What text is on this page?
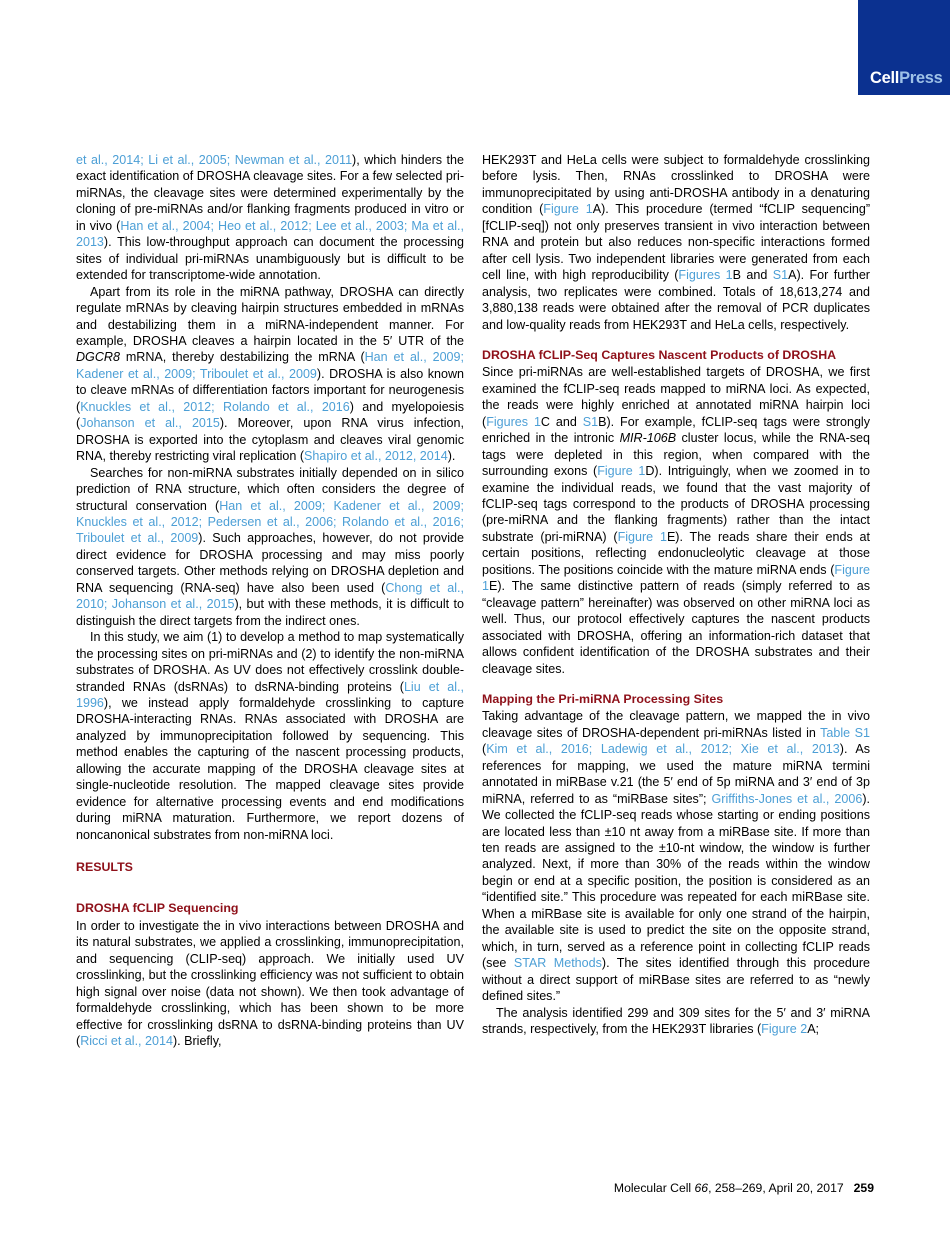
CellPress

et al., 2014; Li et al., 2005; Newman et al., 2011), which hinders the exact identification of DROSHA cleavage sites. For a few selected pri-miRNAs, the cleavage sites were determined experimentally by the cloning of pre-miRNAs and/or flanking fragments produced in vitro or in vivo (Han et al., 2004; Heo et al., 2012; Lee et al., 2003; Ma et al., 2013). This low-throughput approach can document the processing sites of individual pri-miRNAs unambiguously but is difficult to be extended for transcriptome-wide annotation.

Apart from its role in the miRNA pathway, DROSHA can directly regulate mRNAs by cleaving hairpin structures embedded in mRNAs and destabilizing them in a miRNA-independent manner. For example, DROSHA cleaves a hairpin located in the 5′ UTR of the DGCR8 mRNA, thereby destabilizing the mRNA (Han et al., 2009; Kadener et al., 2009; Triboulet et al., 2009). DROSHA is also known to cleave mRNAs of differentiation factors important for neurogenesis (Knuckles et al., 2012; Rolando et al., 2016) and myelopoiesis (Johanson et al., 2015). Moreover, upon RNA virus infection, DROSHA is exported into the cytoplasm and cleaves viral genomic RNA, thereby restricting viral replication (Shapiro et al., 2012, 2014).

Searches for non-miRNA substrates initially depended on in silico prediction of RNA structure, which often considers the degree of structural conservation (Han et al., 2009; Kadener et al., 2009; Knuckles et al., 2012; Pedersen et al., 2006; Rolando et al., 2016; Triboulet et al., 2009). Such approaches, however, do not provide direct evidence for DROSHA processing and may miss poorly conserved targets. Other methods relying on DROSHA depletion and RNA sequencing (RNA-seq) have also been used (Chong et al., 2010; Johanson et al., 2015), but with these methods, it is difficult to distinguish the direct targets from the indirect ones.

In this study, we aim (1) to develop a method to map systematically the processing sites on pri-miRNAs and (2) to identify the non-miRNA substrates of DROSHA. As UV does not effectively crosslink double-stranded RNAs (dsRNAs) to dsRNA-binding proteins (Liu et al., 1996), we instead apply formaldehyde crosslinking to capture DROSHA-interacting RNAs. RNAs associated with DROSHA are analyzed by immunoprecipitation followed by sequencing. This method enables the capturing of the nascent processing products, allowing the accurate mapping of the DROSHA cleavage sites at single-nucleotide resolution. The mapped cleavage sites provide evidence for alternative processing events and end modifications during miRNA maturation. Furthermore, we report dozens of noncanonical substrates from non-miRNA loci.

RESULTS
DROSHA fCLIP Sequencing

In order to investigate the in vivo interactions between DROSHA and its natural substrates, we applied a crosslinking, immunoprecipitation, and sequencing (CLIP-seq) approach. We initially used UV crosslinking, but the crosslinking efficiency was not sufficient to obtain high signal over noise (data not shown). We then took advantage of formaldehyde crosslinking, which has been shown to be more effective for crosslinking dsRNA to dsRNA-binding proteins than UV (Ricci et al., 2014). Briefly,

HEK293T and HeLa cells were subject to formaldehyde crosslinking before lysis. Then, RNAs crosslinked to DROSHA were immunoprecipitated by using anti-DROSHA antibody in a denaturing condition (Figure 1A). This procedure (termed “fCLIP sequencing” [fCLIP-seq]) not only preserves transient in vivo interaction between RNA and protein but also reduces non-specific interactions formed after cell lysis. Two independent libraries were generated from each cell line, with high reproducibility (Figures 1B and S1A). For further analysis, two replicates were combined. Totals of 18,613,274 and 3,880,138 reads were obtained after the removal of PCR duplicates and low-quality reads from HEK293T and HeLa cells, respectively.

DROSHA fCLIP-Seq Captures Nascent Products of DROSHA

Since pri-miRNAs are well-established targets of DROSHA, we first examined the fCLIP-seq reads mapped to miRNA loci. As expected, the reads were highly enriched at annotated miRNA hairpin loci (Figures 1C and S1B). For example, fCLIP-seq tags were strongly enriched in the intronic MIR-106B cluster locus, while the RNA-seq tags were depleted in this region, when compared with the surrounding exons (Figure 1D). Intriguingly, when we zoomed in to examine the individual reads, we found that the vast majority of fCLIP-seq tags correspond to the products of DROSHA processing (pre-miRNA and the flanking fragments) rather than the intact substrate (pri-miRNA) (Figure 1E). The reads share their ends at certain positions, reflecting endonucleolytic cleavage at those positions. The positions coincide with the mature miRNA ends (Figure 1E). The same distinctive pattern of reads (simply referred to as “cleavage pattern” hereinafter) was observed on other miRNA loci as well. Thus, our protocol effectively captures the nascent products associated with DROSHA, offering an information-rich dataset that allows confident identification of the DROSHA substrates and their cleavage sites.

Mapping the Pri-miRNA Processing Sites

Taking advantage of the cleavage pattern, we mapped the in vivo cleavage sites of DROSHA-dependent pri-miRNAs listed in Table S1 (Kim et al., 2016; Ladewig et al., 2012; Xie et al., 2013). As references for mapping, we used the mature miRNA termini annotated in miRBase v.21 (the 5′ end of 5p miRNA and 3′ end of 3p miRNA, referred to as “miRBase sites”; Griffiths-Jones et al., 2006). We collected the fCLIP-seq reads whose starting or ending positions are located less than ±10 nt away from a miRBase site. If more than ten reads are assigned to the ±10-nt window, the window is further analyzed. Next, if more than 30% of the reads within the window begin or end at a specific position, the position is considered as an “identified site.” This procedure was repeated for each miRBase site. When a miRBase site is available for only one strand of the hairpin, the available site is used to predict the site on the opposite strand, which, in turn, served as a reference point in collecting fCLIP reads (see STAR Methods). The sites identified through this procedure without a direct support of miRBase sites are referred to as “newly defined sites.”

The analysis identified 299 and 309 sites for the 5′ and 3′ miRNA strands, respectively, from the HEK293T libraries (Figure 2A;

Molecular Cell 66, 258–269, April 20, 2017 259
